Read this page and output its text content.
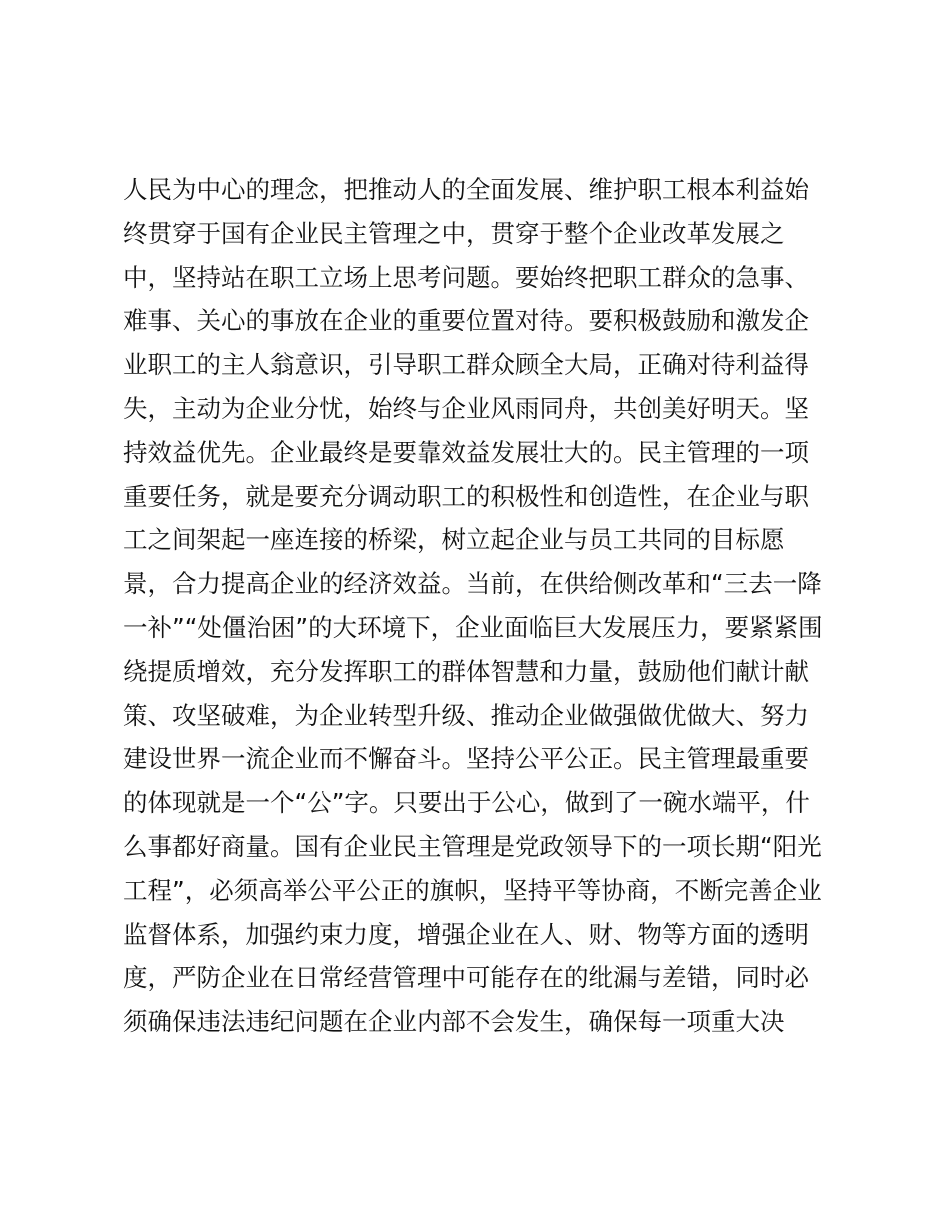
人民为中心的理念，把推动人的全面发展、维护职工根本利益始
终贯穿于国有企业民主管理之中，贯穿于整个企业改革发展之
中，坚持站在职工立场上思考问题。要始终把职工群众的急事、
难事、关心的事放在企业的重要位置对待。要积极鼓励和激发企
业职工的主人翁意识，引导职工群众顾全大局，正确对待利益得
失，主动为企业分忧，始终与企业风雨同舟，共创美好明天。坚
持效益优先。企业最终是要靠效益发展壮大的。民主管理的一项
重要任务，就是要充分调动职工的积极性和创造性，在企业与职
工之间架起一座连接的桥梁，树立起企业与员工共同的目标愿
景，合力提高企业的经济效益。当前，在供给侧改革和“三去一降
一补”“处僵治困”的大环境下，企业面临巨大发展压力，要紧紧围
绕提质增效，充分发挥职工的群体智慧和力量，鼓励他们献计献
策、攻坚破难，为企业转型升级、推动企业做强做优做大、努力
建设世界一流企业而不懈奋斗。坚持公平公正。民主管理最重要
的体现就是一个“公”字。只要出于公心，做到了一碗水端平，什
么事都好商量。国有企业民主管理是党政领导下的一项长期“阳光
工程”，必须高举公平公正的旗帜，坚持平等协商，不断完善企业
监督体系，加强约束力度，增强企业在人、财、物等方面的透明
度，严防企业在日常经营管理中可能存在的纰漏与差错，同时必
须确保违法违纪问题在企业内部不会发生，确保每一项重大决
